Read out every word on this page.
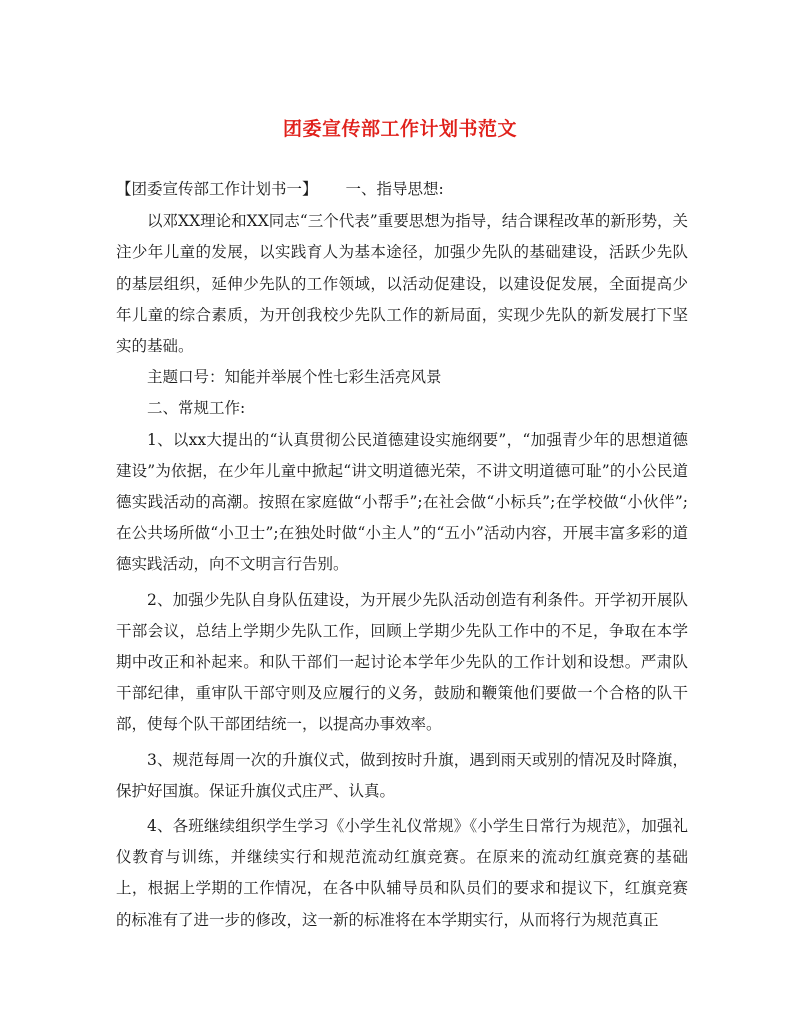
团委宣传部工作计划书范文

【团委宣传部工作计划书一】 一、指导思想:

以邓XX理论和XX同志“三个代表”重要思想为指导，结合课程改革的新形势，关注少年儿童的发展，以实践育人为基本途径，加强少先队的基础建设，活跃少先队的基层组织，延伸少先队的工作领域，以活动促建设，以建设促发展，全面提高少年儿童的综合素质，为开创我校少先队工作的新局面，实现少先队的新发展打下坚实的基础。

主题口号：知能并举展个性七彩生活亮风景

二、常规工作:

1、以xx大提出的“认真贯彻公民道德建设实施纲要”，“加强青少年的思想道德建设”为依据，在少年儿童中掀起“讲文明道德光荣，不讲文明道德可耻”的小公民道德实践活动的高潮。按照在家庭做“小帮手”;在社会做“小标兵”;在学校做“小伙伴”;在公共场所做“小卫士”;在独处时做“小主人”的“五小”活动内容，开展丰富多彩的道德实践活动，向不文明言行告别。

2、加强少先队自身队伍建设，为开展少先队活动创造有利条件。开学初开展队干部会议，总结上学期少先队工作，回顾上学期少先队工作中的不足，争取在本学期中改正和补起来。和队干部们一起讨论本学年少先队的工作计划和设想。严肃队干部纪律，重审队干部守则及应履行的义务，鼓励和鞭策他们要做一个合格的队干部，使每个队干部团结统一，以提高办事效率。

3、规范每周一次的升旗仪式，做到按时升旗，遇到雨天或别的情况及时降旗，保护好国旗。保证升旗仪式庄严、认真。

4、各班继续组织学生学习《小学生礼仪常规》《小学生日常行为规范》，加强礼仪教育与训练，并继续实行和规范流动红旗竞赛。在原来的流动红旗竞赛的基础上，根据上学期的工作情况，在各中队辅导员和队员们的要求和提议下，红旗竞赛的标准有了进一步的修改，这一新的标准将在本学期实行，从而将行为规范真正
